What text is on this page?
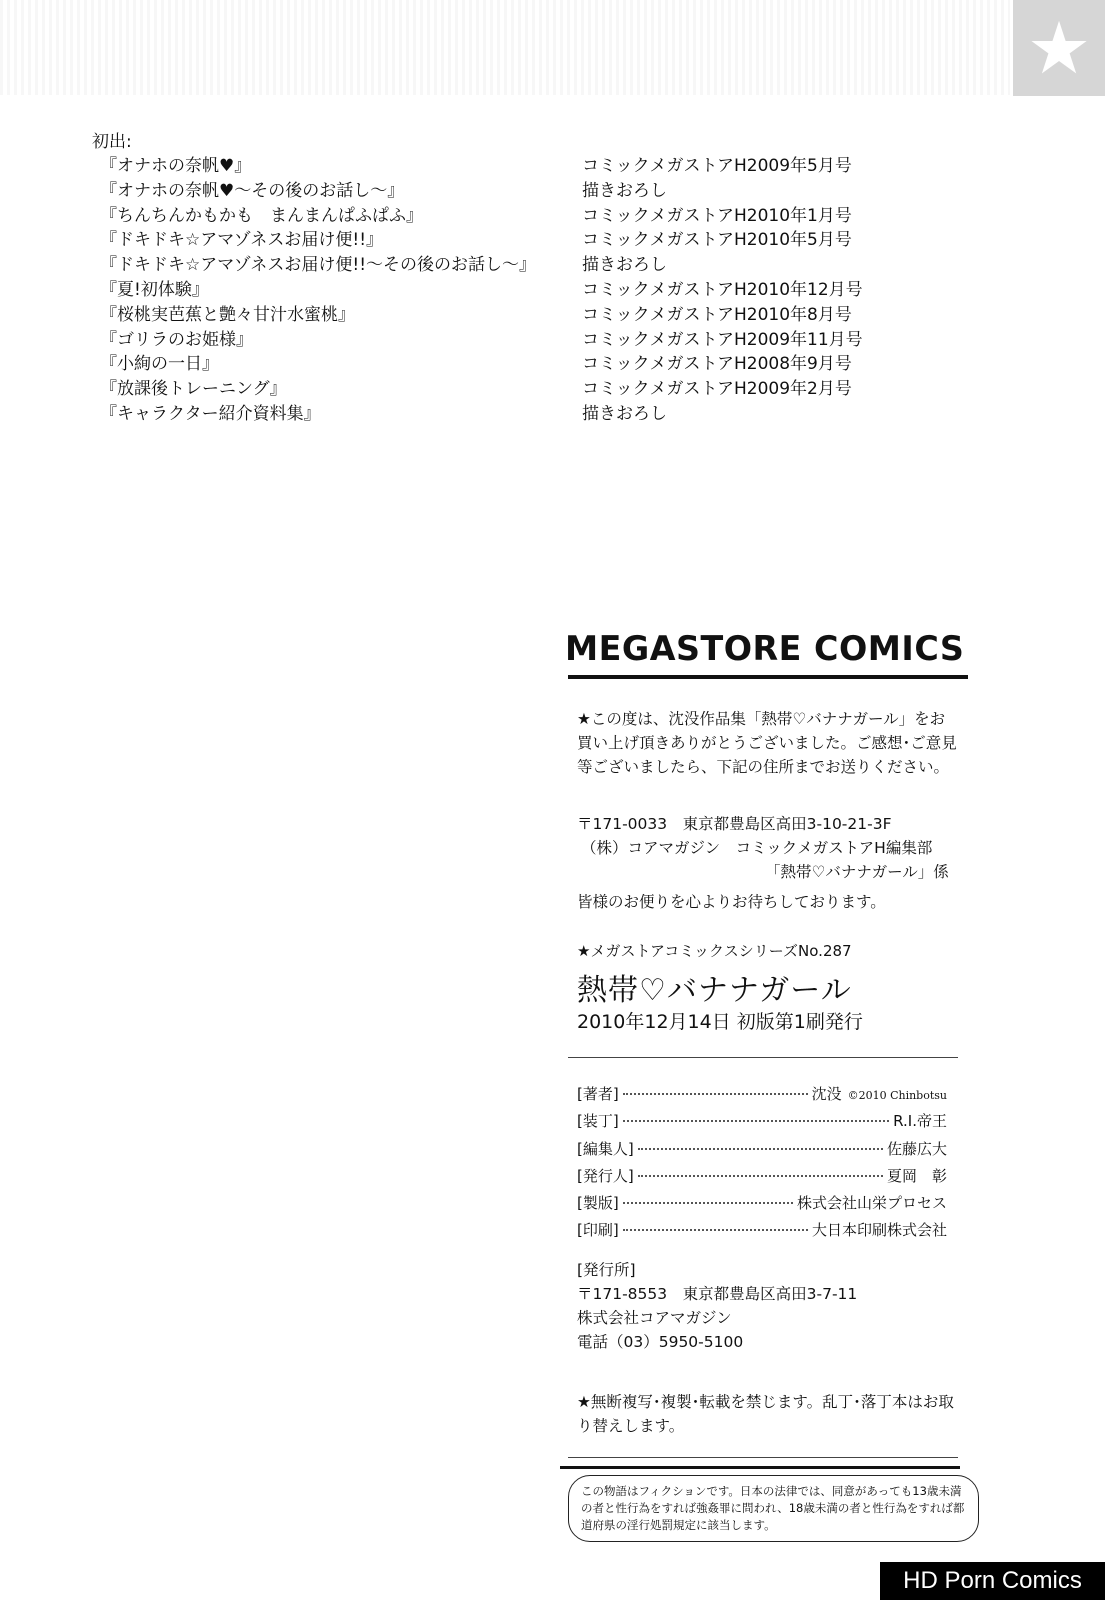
★
初出:
『オナホの奈帆♥』	コミックメガストアH2009年5月号
『オナホの奈帆♥〜その後のお話し〜』	描きおろし
『ちんちんかもかも　まんまんぱふぱふ』	コミックメガストアH2010年1月号
『ドキドキ☆アマゾネスお届け便!!』	コミックメガストアH2010年5月号
『ドキドキ☆アマゾネスお届け便!!〜その後のお話し〜』	描きおろし
『夏!初体験』	コミックメガストアH2010年12月号
『桜桃実芭蕉と艶々甘汁水蜜桃』	コミックメガストアH2010年8月号
『ゴリラのお姫様』	コミックメガストアH2009年11月号
『小絢の一日』	コミックメガストアH2008年9月号
『放課後トレーニング』	コミックメガストアH2009年2月号
『キャラクター紹介資料集』	描きおろし
MEGASTORE COMICS
★この度は、沈没作品集「熱帯♡バナナガール」をお買い上げ頂きありがとうございました。ご感想･ご意見等ございましたら、下記の住所までお送りください。
〒171-0033　東京都豊島区高田3-10-21-3F
（株）コアマガジン　コミックメガストアH編集部
「熱帯♡バナナガール」係
皆様のお便りを心よりお待ちしております。
★メガストアコミックスシリーズNo.287
熱帯♡バナナガール
2010年12月14日 初版第1刷発行
[著者]	沈没 ©2010 Chinbotsu
[装丁]	R.I.帝王
[編集人]	佐藤広大
[発行人]	夏岡　彰
[製版]	株式会社山栄プロセス
[印刷]	大日本印刷株式会社
[発行所]
〒171-8553　東京都豊島区高田3-7-11
株式会社コアマガジン
電話（03）5950-5100
★無断複写･複製･転載を禁じます。乱丁･落丁本はお取り替えします。
この物語はフィクションです。日本の法律では、同意があっても13歳未満の者と性行為をすれば強姦罪に問われ、18歳未満の者と性行為をすれば都道府県の淫行処罰規定に該当します。
HD Porn Comics
